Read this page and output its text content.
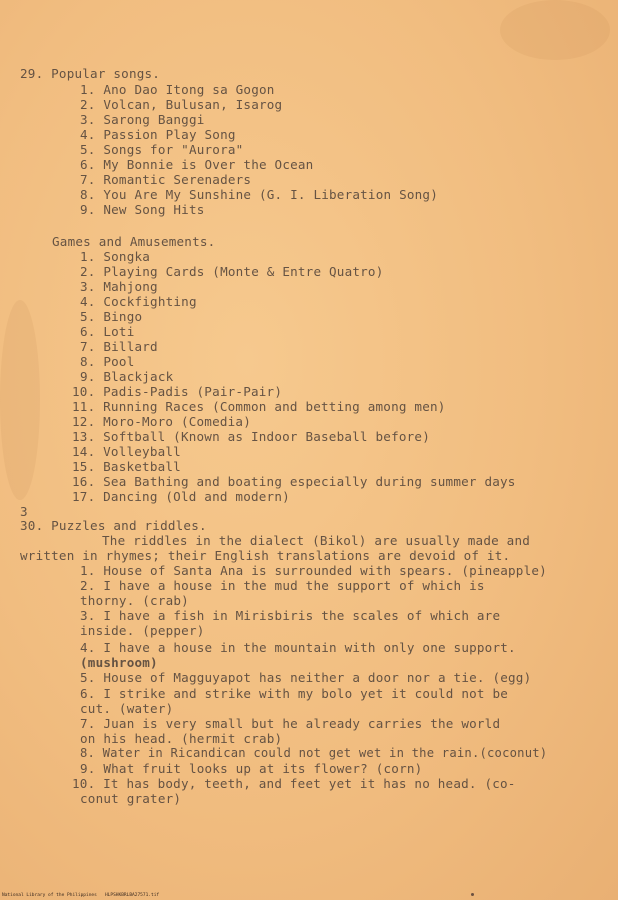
29. Popular songs.
1. Ano Dao Itong sa Gogon
2. Volcan, Bulusan, Isarog
3. Sarong Banggi
4. Passion Play Song
5. Songs for "Aurora"
6. My Bonnie is Over the Ocean
7. Romantic Serenaders
8. You Are My Sunshine (G. I. Liberation Song)
9. New Song Hits
Games and Amusements.
1. Songka
2. Playing Cards (Monte & Entre Quatro)
3. Mahjong
4. Cockfighting
5. Bingo
6. Loti
7. Billard
8. Pool
9. Blackjack
10. Padis-Padis (Pair-Pair)
11. Running Races (Common and betting among men)
12. Moro-Moro (Comedia)
13. Softball (Known as Indoor Baseball before)
14. Volleyball
15. Basketball
16. Sea Bathing and boating especially during summer days
17. Dancing (Old and modern)
3
30. Puzzles and riddles.
The riddles in the dialect (Bikol) are usually made and
written in rhymes; their English translations are devoid of it.
1. House of Santa Ana is surrounded with spears. (pineapple)
2. I have a house in the mud the support of which is
thorny. (crab)
3. I have a fish in Mirisbiris the scales of which are
inside. (pepper)
4. I have a house in the mountain with only one support.
(mushroom)
5. House of Magguyapot has neither a door nor a tie. (egg)
6. I strike and strike with my bolo yet it could not be
cut. (water)
7. Juan is very small but he already carries the world
on his head. (hermit crab)
8. Water in Ricandican could not get wet in the rain.(coconut)
9. What fruit looks up at its flower? (corn)
10. It has body, teeth, and feet yet it has no head. (co-
conut grater)
National Library of the Philippines   HLPSHKBRLBA27571.tif
